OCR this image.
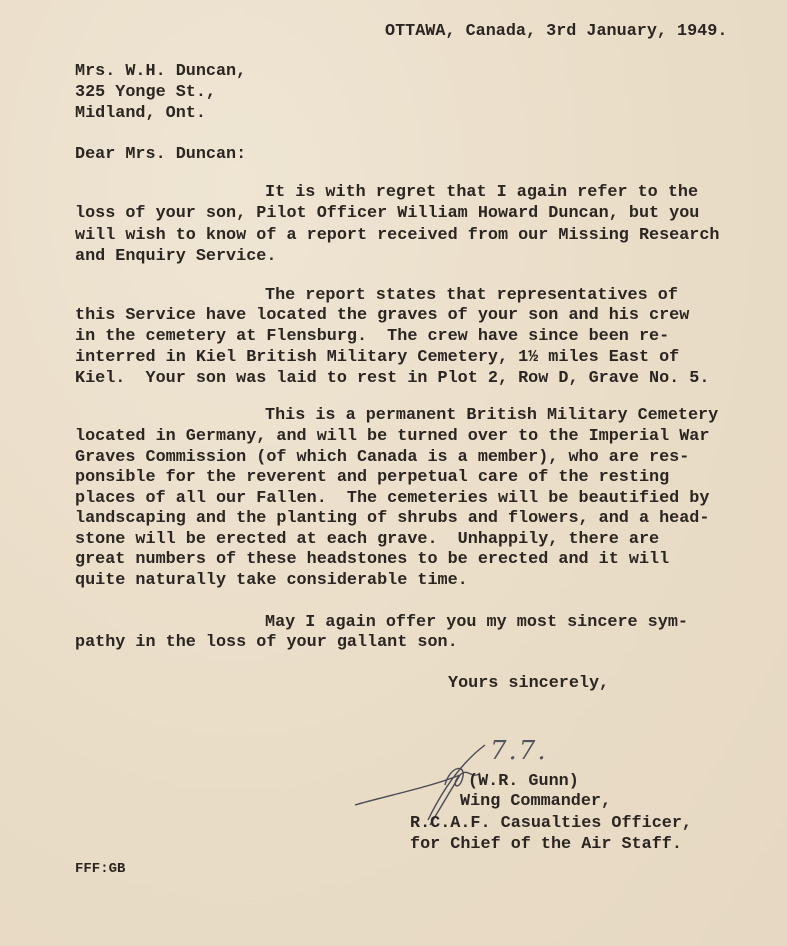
OTTAWA, Canada, 3rd January, 1949.
Mrs. W.H. Duncan,
325 Yonge St.,
Midland, Ont.
Dear Mrs. Duncan:
It is with regret that I again refer to the
loss of your son, Pilot Officer William Howard Duncan, but you
will wish to know of a report received from our Missing Research
and Enquiry Service.
The report states that representatives of
this Service have located the graves of your son and his crew
in the cemetery at Flensburg.  The crew have since been re-
interred in Kiel British Military Cemetery, 1½ miles East of
Kiel.  Your son was laid to rest in Plot 2, Row D, Grave No. 5.
This is a permanent British Military Cemetery
located in Germany, and will be turned over to the Imperial War
Graves Commission (of which Canada is a member), who are res-
ponsible for the reverent and perpetual care of the resting
places of all our Fallen.  The cemeteries will be beautified by
landscaping and the planting of shrubs and flowers, and a head-
stone will be erected at each grave.  Unhappily, there are
great numbers of these headstones to be erected and it will
quite naturally take considerable time.
May I again offer you my most sincere sym-
pathy in the loss of your gallant son.
Yours sincerely,
7.7.
(W.R. Gunn)
Wing Commander,
R.C.A.F. Casualties Officer,
for Chief of the Air Staff.
FFF:GB
